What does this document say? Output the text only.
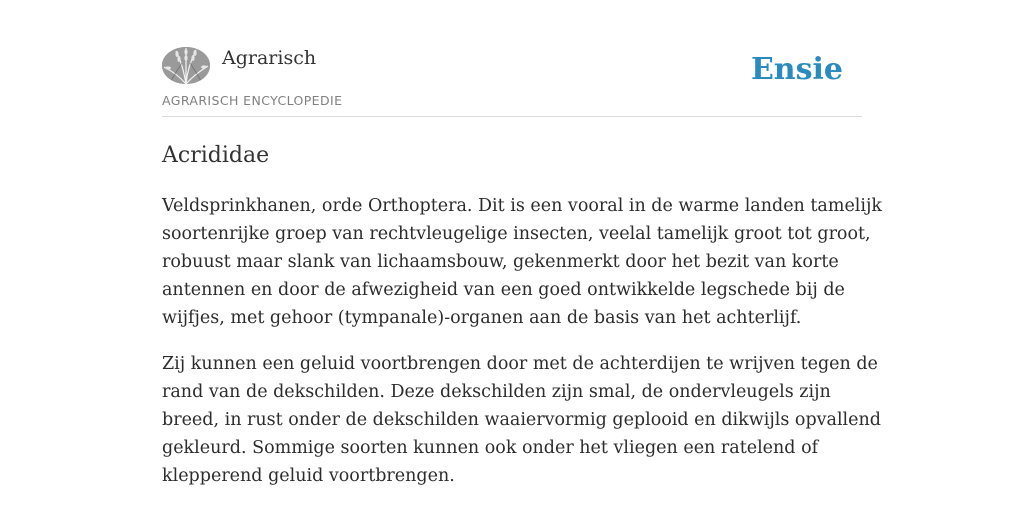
Agrarisch
AGRARISCH ENCYCLOPEDIE
Ensie
Acrididae

Veldsprinkhanen, orde Orthoptera. Dit is een vooral in de warme landen tamelijk
soortenrijke groep van rechtvleugelige insecten, veelal tamelijk groot tot groot,
robuust maar slank van lichaamsbouw, gekenmerkt door het bezit van korte
antennen en door de afwezigheid van een goed ontwikkelde legschede bij de
wijfjes, met gehoor (tympanale)-organen aan de basis van het achterlijf.

Zij kunnen een geluid voortbrengen door met de achterdijen te wrijven tegen de
rand van de dekschilden. Deze dekschilden zijn smal, de ondervleugels zijn
breed, in rust onder de dekschilden waaiervormig geplooid en dikwijls opvallend
gekleurd. Sommige soorten kunnen ook onder het vliegen een ratelend of
klepperend geluid voortbrengen.
